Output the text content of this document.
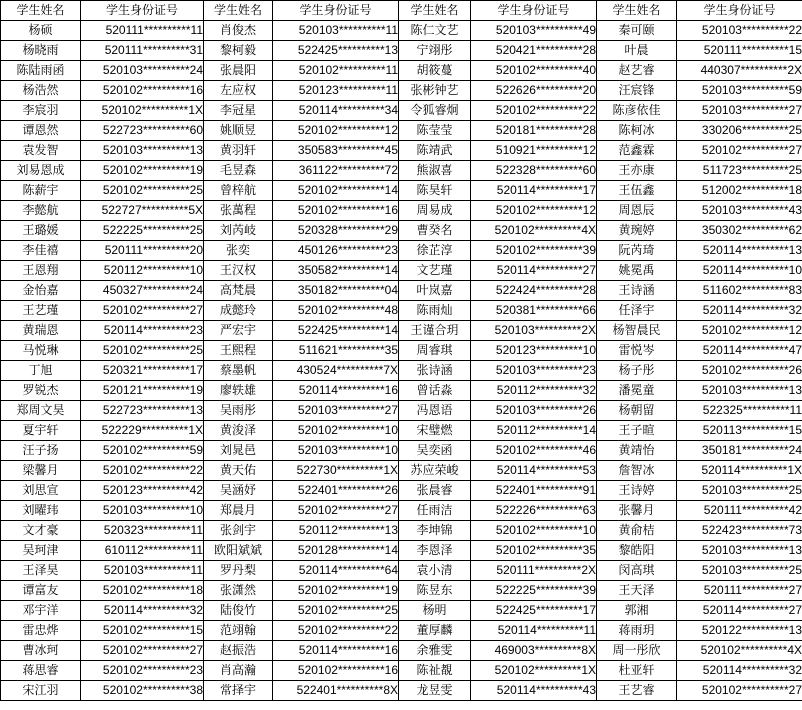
学生姓名	学生身份证号	学生姓名	学生身份证号	学生姓名	学生身份证号	学生姓名	学生身份证号
杨硕	520111**********11	肖俊杰	520103**********11	陈仁文艺	520103**********49	秦可颐	520103**********22
杨晓雨	520111**********31	黎柯毅	522425**********13	宁翊彤	520421**********28	叶晨	520111**********15
陈陆雨函	520103**********24	张晨阳	520102**********11	胡筱蔓	520102**********40	赵艺睿	440307**********2X
杨浩然	520102**********16	左应权	520123**********11	张彬钟艺	522626**********20	汪宸锋	520103**********59
李宸羽	520102**********1X	李冠星	520114**********34	令狐睿炯	520102**********22	陈彦依佳	520103**********27
谭恩然	522723**********60	姚顺昱	520102**********12	陈莹莹	520181**********28	陈柯冰	330206**********25
袁发智	520103**********13	黄羽轩	350583**********45	陈靖武	510921**********12	范鑫霖	520102**********27
刘易恩成	520102**********19	毛昱森	361122**********72	熊淑喜	522328**********60	王亦康	511723**********25
陈薪宇	520102**********25	曾梓航	520102**********14	陈昊轩	520114**********17	王伍鑫	512002**********18
李懿航	522727**********5X	张萬程	520102**********16	周易成	520102**********12	周恩辰	520103**********43
王璐媛	522225**********25	刘芮岐	520328**********29	曹癸名	520102**********4X	黄琬婷	350302**********62
李佳禧	520111**********20	张奕	450126**********23	徐芷淳	520102**********39	阮芮琦	520114**********13
王恩翔	520112**********10	王汉权	350582**********14	文艺瑾	520114**********27	姚冕禹	520114**********10
金怡嘉	450327**********24	高梵晨	350182**********04	叶岚嘉	522424**********28	王诗涵	511602**********83
王艺瑾	520102**********27	成懿玲	520102**********48	陈雨灿	520381**********66	任泽宇	520114**********32
黄瑞恩	520114**********23	严宏宇	522425**********14	王谨合玥	520103**********2X	杨智晨民	520102**********12
马悦琳	520102**********25	王熙程	511621**********35	周睿琪	520123**********10	雷悦岑	520114**********47
丁旭	520321**********17	蔡墨帆	430524**********7X	张诗涵	520103**********23	杨子彤	520102**********26
罗锐杰	520121**********19	廖轶雄	520114**********16	曾话淼	520112**********32	潘冕童	520103**********13
郑周文昊	522723**********13	吴雨彤	520103**********27	冯恩语	520103**********26	杨朝留	522325**********11
夏宇轩	522229**********1X	黄浚泽	520102**********10	宋璧燃	520112**********14	王子暄	520113**********15
汪子扬	520102**********59	刘晁邑	520103**********10	吴奕函	520102**********46	黄靖怡	350181**********24
梁馨月	520102**********22	黄天佑	522730**********1X	苏应荣峻	520114**********53	詹智冰	520114**********1X
刘思宣	520123**********42	吴涵妤	522401**********26	张晨睿	522401**********91	王诗婷	520103**********25
刘曜玮	520103**********10	郑晨月	520102**********27	任雨洁	522226**********63	张馨月	520111**********42
文才豪	520323**********11	张剑宇	520112**********13	李坤锦	520102**********10	黄俞桔	522423**********73
吴珂津	610112**********11	欧阳斌斌	520128**********14	李恩泽	520102**********35	黎皓阳	520103**********13
王泽昊	520103**********11	罗丹梨	520114**********64	袁小清	520111**********2X	闵高琪	520103**********25
谭富友	520102**********18	张潇然	520102**********19	陈昱东	522225**********39	王天泽	520111**********27
邓宇洋	520114**********32	陆俊竹	520102**********25	杨明	522425**********17	郭湘	520114**********27
雷忠烨	520102**********15	范翊翰	520102**********22	董厚麟	520114**********11	蒋雨玥	520122**********13
曹冰珂	520102**********27	赵振浩	520114**********16	余雅雯	469003**********8X	周一彤欣	520102**********4X
蒋思睿	520102**********23	肖高瀚	520102**********16	陈祉覩	520102**********1X	杜亚轩	520114**********32
宋江羽	520102**********38	常择宇	522401**********8X	龙昱雯	520114**********43	王艺睿	520102**********27
